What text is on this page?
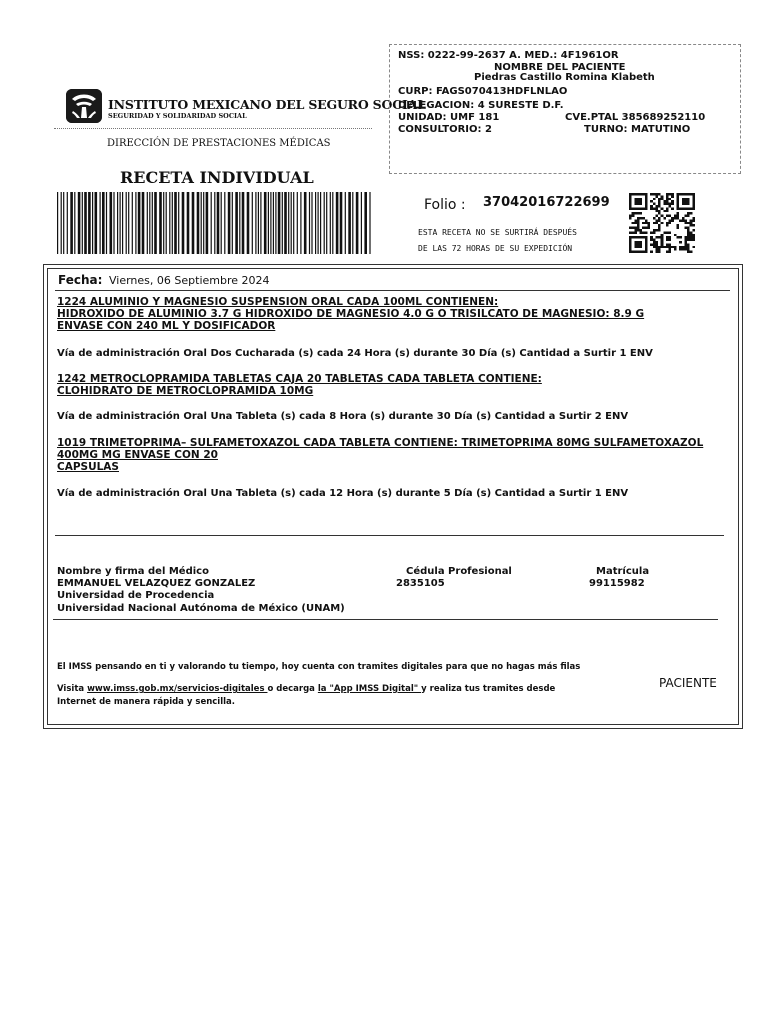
INSTITUTO MEXICANO DEL SEGURO SOCIAL
SEGURIDAD Y SOLIDARIDAD SOCIAL
DIRECCIÓN DE PRESTACIONES MÉDICAS
RECETA INDIVIDUAL
NSS: 0222-99-2637 A. MED.: 4F1961OR
NOMBRE DEL PACIENTE
Piedras Castillo Romina Klabeth
CURP: FAGS070413HDFLNLAO
DELEGACION: 4 SURESTE D.F.
UNIDAD: UMF 181	CVE.PTAL 385689252110
CONSULTORIO: 2	TURNO: MATUTINO
Folio : 37042016722699
ESTA RECETA NO SE SURTIRÁ DESPUÉS
DE LAS 72 HORAS DE SU EXPEDICIÓN
Fecha: Viernes, 06 Septiembre 2024
1224 ALUMINIO Y MAGNESIO SUSPENSION ORAL CADA 100ML CONTIENEN:
HIDROXIDO DE ALUMINIO 3.7 G HIDROXIDO DE MAGNESIO 4.0 G O TRISILCATO DE MAGNESIO: 8.9 G
ENVASE CON 240 ML Y DOSIFICADOR
Vía de administración Oral Dos Cucharada (s) cada 24 Hora (s) durante 30 Día (s) Cantidad a Surtir 1 ENV
1242 METROCLOPRAMIDA TABLETAS CAJA 20 TABLETAS CADA TABLETA CONTIENE:
CLOHIDRATO DE METROCLOPRAMIDA 10MG
Vía de administración Oral Una Tableta (s) cada 8 Hora (s) durante 30 Día (s) Cantidad a Surtir 2 ENV
1019 TRIMETOPRIMA– SULFAMETOXAZOL CADA TABLETA CONTIENE: TRIMETOPRIMA 80MG SULFAMETOXAZOL
400MG MG ENVASE CON 20
CAPSULAS
Vía de administración Oral Una Tableta (s) cada 12 Hora (s) durante 5 Día (s) Cantidad a Surtir 1 ENV
Nombre y firma del Médico	Cédula Profesional	Matrícula
EMMANUEL VELAZQUEZ GONZALEZ	2835105	99115982
Universidad de Procedencia
Universidad Nacional Autónoma de México (UNAM)
El IMSS pensando en ti y valorando tu tiempo, hoy cuenta con tramites digitales para que no hagas más filas
Visita www.imss.gob.mx/servicios-digitales o decarga la "App IMSS Digital" y realiza tus tramites desde
Internet de manera rápida y sencilla.
PACIENTE
